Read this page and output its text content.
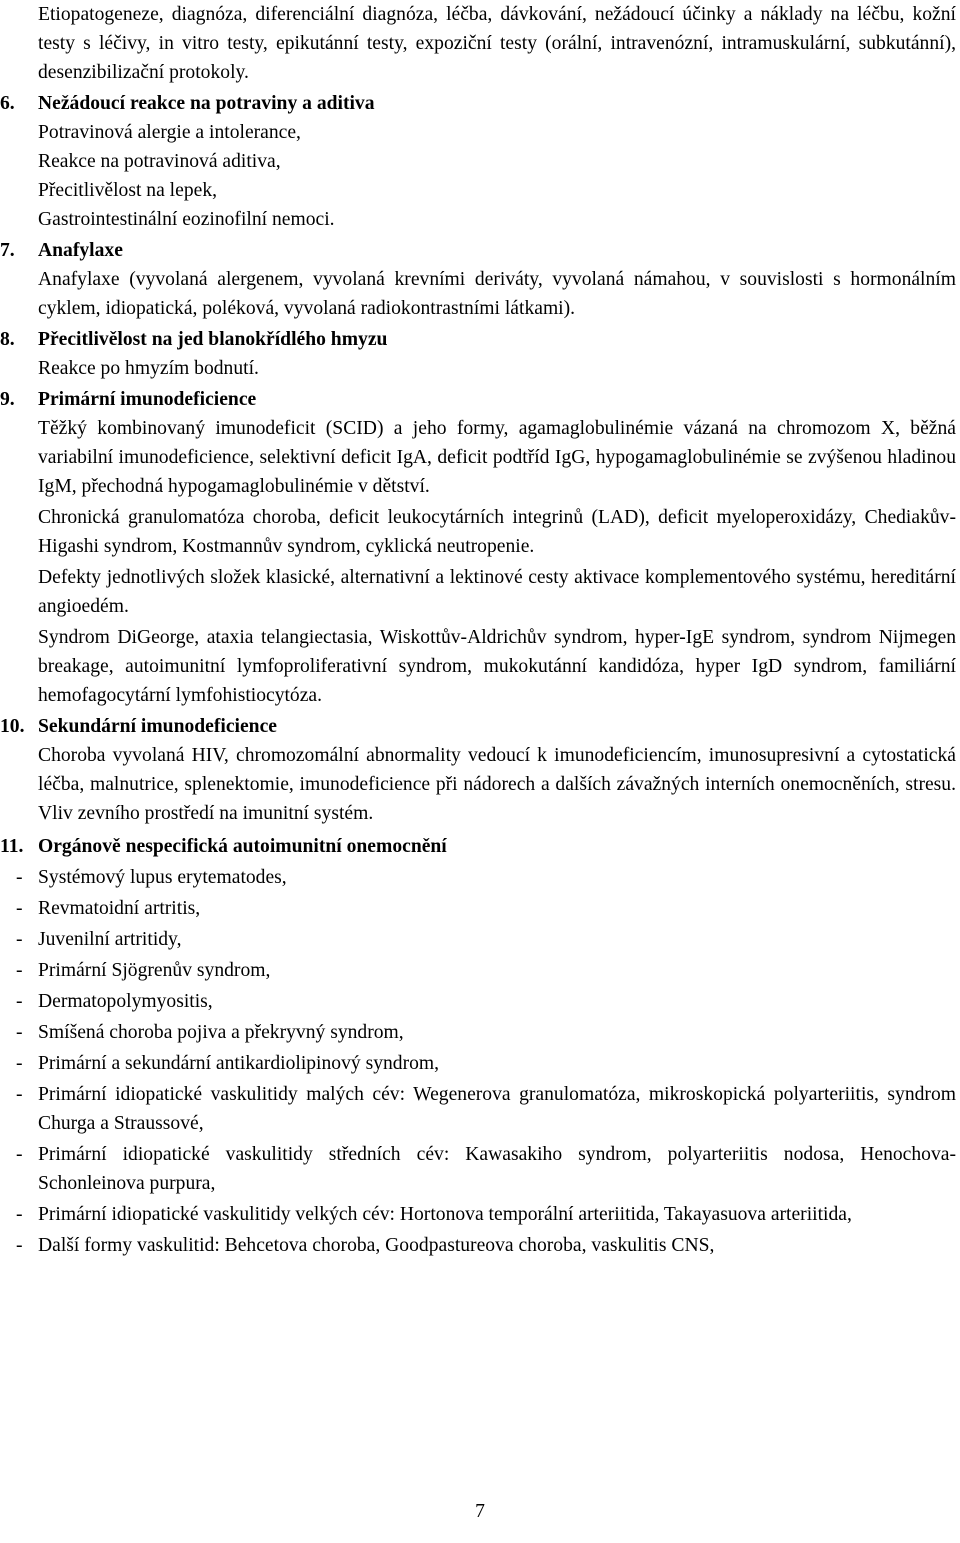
Etiopatogeneze, diagnóza, diferenciální diagnóza, léčba, dávkování, nežádoucí účinky a náklady na léčbu, kožní testy s léčivy, in vitro testy, epikutánní testy, expoziční testy (orální, intravenózní, intramuskulární, subkutánní), desenzibilizační protokoly.

6.	Nežádoucí reakce na potraviny a aditiva
Potravinová alergie a intolerance,
Reakce na potravinová aditiva,
Přecitlivělost na lepek,
Gastrointestinální eozinofilní nemoci.
7.	Anafylaxe

Anafylaxe (vyvolaná alergenem, vyvolaná krevními deriváty, vyvolaná námahou, v souvislosti s hormonálním cyklem, idiopatická, poléková, vyvolaná radiokontrastními látkami).

8.	Přecitlivělost na jed blanokřídlého hmyzu

Reakce po hmyzím bodnutí.

9.	Primární imunodeficience

Těžký kombinovaný imunodeficit (SCID) a jeho formy, agamaglobulinémie vázaná na chromozom X, běžná variabilní imunodeficience, selektivní deficit IgA, deficit podtříd IgG, hypogamaglobulinémie se zvýšenou hladinou IgM, přechodná hypogamaglobulinémie v dětství.

Chronická granulomatóza choroba, deficit leukocytárních integrinů (LAD), deficit myeloperoxidázy, Chediakův-Higashi syndrom, Kostmannův syndrom, cyklická neutropenie.

Defekty jednotlivých složek klasické, alternativní a lektinové cesty aktivace komplementového systému, hereditární angioedém.

Syndrom DiGeorge, ataxia telangiectasia, Wiskottův-Aldrichův syndrom, hyper-IgE syndrom, syndrom Nijmegen breakage, autoimunitní lymfoproliferativní syndrom, mukokutánní kandidóza, hyper IgD syndrom, familiární hemofagocytární lymfohistiocytóza.

10. Sekundární imunodeficience

Choroba vyvolaná HIV, chromozomální abnormality vedoucí k imunodeficiencím, imunosupresivní a cytostatická léčba, malnutrice, splenektomie, imunodeficience při nádorech a dalších závažných interních onemocněních, stresu. Vliv zevního prostředí na imunitní systém.

11. Orgánově nespecifická autoimunitní onemocnění
- Systémový lupus erytematodes,
- Revmatoidní artritis,
- Juvenilní artritidy,
- Primární Sjögrenův syndrom,
- Dermatopolymyositis,
- Smíšená choroba pojiva a překryvný syndrom,
- Primární a sekundární antikardiolipinový syndrom,
- Primární idiopatické vaskulitidy malých cév: Wegenerova granulomatóza, mikroskopická polyarteriitis, syndrom Churga a Straussové,
- Primární idiopatické vaskulitidy středních cév: Kawasakiho syndrom, polyarteriitis nodosa, Henochova-Schonleinova purpura,
- Primární idiopatické vaskulitidy velkých cév: Hortonova temporální arteriitida, Takayasuova arteriitida,
- Další formy vaskulitid: Behcetova choroba, Goodpastureova choroba, vaskulitis CNS,
7
